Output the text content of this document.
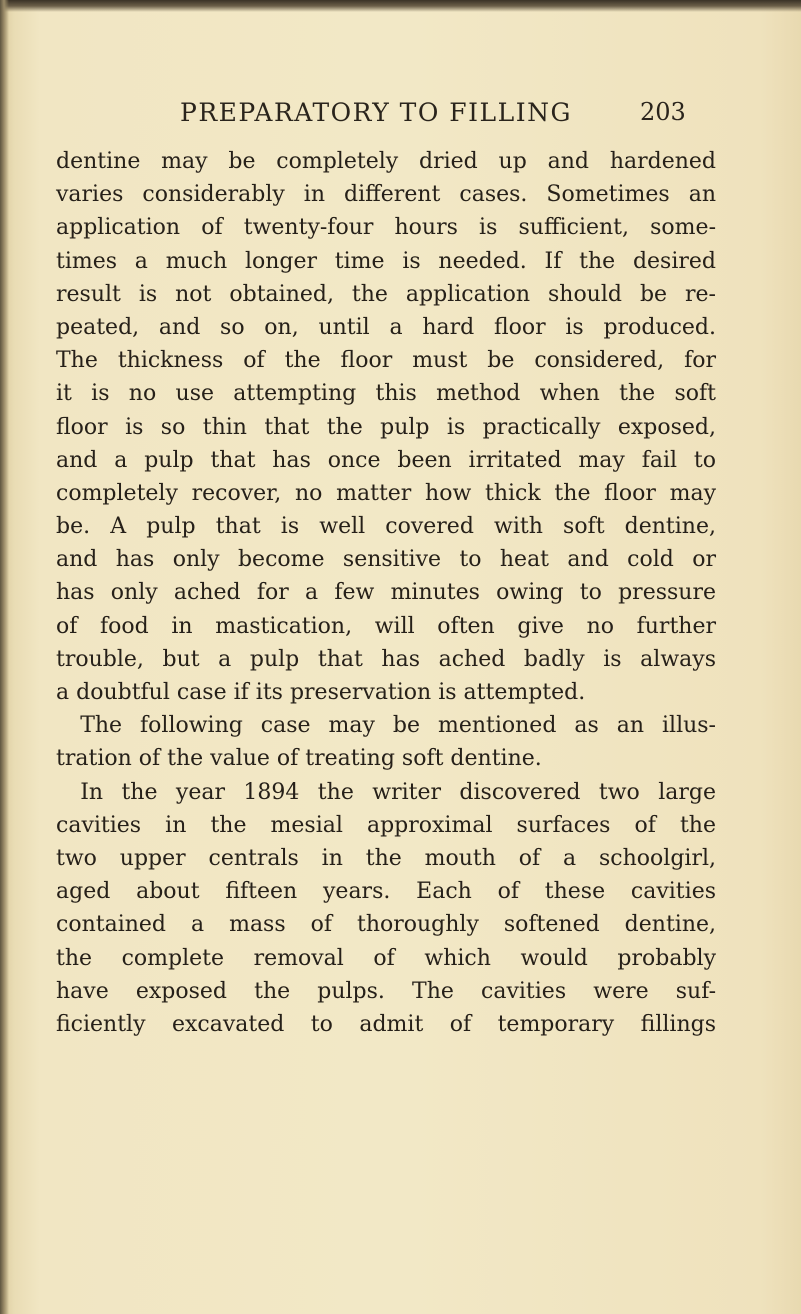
PREPARATORY TO FILLING	203
dentine may be completely dried up and hardened
varies considerably in different cases. Sometimes an
application of twenty-four hours is sufficient, some-
times a much longer time is needed. If the desired
result is not obtained, the application should be re-
peated, and so on, until a hard floor is produced.
The thickness of the floor must be considered, for
it is no use attempting this method when the soft
floor is so thin that the pulp is practically exposed,
and a pulp that has once been irritated may fail to
completely recover, no matter how thick the floor may
be. A pulp that is well covered with soft dentine,
and has only become sensitive to heat and cold or
has only ached for a few minutes owing to pressure
of food in mastication, will often give no further
trouble, but a pulp that has ached badly is always
a doubtful case if its preservation is attempted.
The following case may be mentioned as an illus-
tration of the value of treating soft dentine.
In the year 1894 the writer discovered two large
cavities in the mesial approximal surfaces of the
two upper centrals in the mouth of a schoolgirl,
aged about fifteen years. Each of these cavities
contained a mass of thoroughly softened dentine,
the complete removal of which would probably
have exposed the pulps. The cavities were suf-
ficiently excavated to admit of temporary fillings
